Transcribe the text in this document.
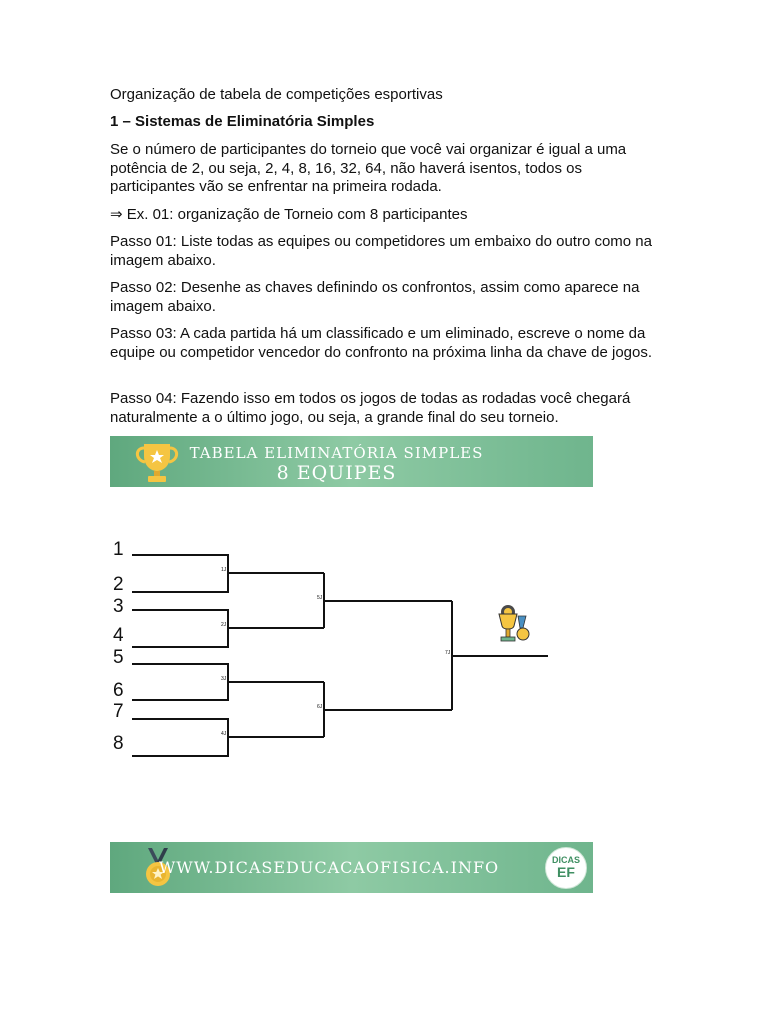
Organização de tabela de competições esportivas

1 – Sistemas de Eliminatória Simples

Se o número de participantes do torneio que você vai organizar é igual a uma potência de 2, ou seja, 2, 4, 8, 16, 32, 64, não haverá isentos, todos os participantes vão se enfrentar na primeira rodada.

⇒ Ex. 01: organização de Torneio com 8 participantes

Passo 01: Liste todas as equipes ou competidores um embaixo do outro como na imagem abaixo.

Passo 02: Desenhe as chaves definindo os confrontos, assim como aparece na imagem abaixo.

Passo 03: A cada partida há um classificado e um eliminado, escreve o nome da equipe ou competidor vencedor do confronto na próxima linha da chave de jogos.

Passo 04: Fazendo isso em todos os jogos de todas as rodadas você chegará naturalmente a o último jogo, ou seja, a grande final do seu torneio.

TABELA ELIMINATÓRIA SIMPLES
8 EQUIPES
1
2
3
4
5
6
7
8
1J
2J
3J
4J
5J
6J
7J
WWW.DICASEDUCACAOFISICA.INFO	DICAS
EF
